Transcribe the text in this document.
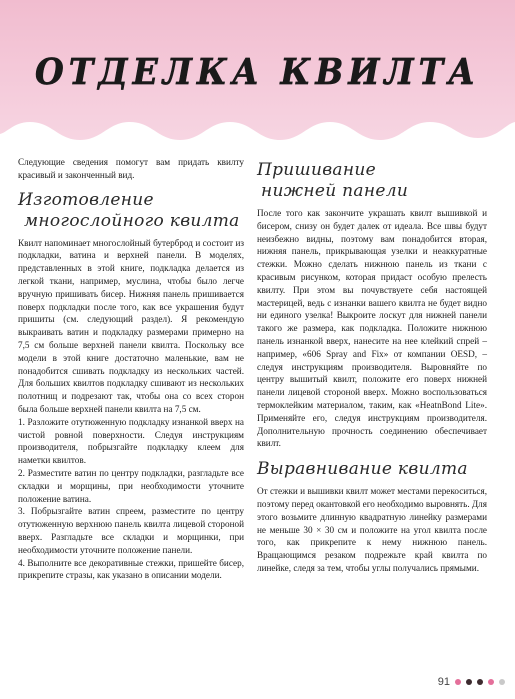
ОТДЕЛКА КВИЛТА

Следующие сведения помогут вам придать квилту красивый и законченный вид.

Изготовление

многослойного квилта

Квилт напоминает многослойный бутерброд и состоит из подкладки, ватина и верхней панели. В моделях, представленных в этой книге, подкладка делается из легкой ткани, например, муслина, чтобы было легче вручную пришивать бисер. Нижняя панель пришивается поверх подкладки после того, как все украшения будут пришиты (см. следующий раздел). Я рекомендую выкраивать ватин и подкладку размерами примерно на 7,5 см больше верхней панели квилта. Поскольку все модели в этой книге достаточно маленькие, вам не понадобится сшивать подкладку из нескольких частей. Для больших квилтов подкладку сшивают из нескольких полотнищ и подрезают так, чтобы она со всех сторон была больше верхней панели квилта на 7,5 см.

1. Разложите отутюженную подкладку изнанкой вверх на чистой ровной поверхности. Следуя инструкциям производителя, побрызгайте подкладку клеем для наметки квилтов.

2. Разместите ватин по центру подкладки, разгладьте все складки и морщины, при необходимости уточните положение ватина.

3. Побрызгайте ватин спреем, разместите по центру отутюженную верхнюю панель квилта лицевой стороной вверх. Разгладьте все складки и морщинки, при необходимости уточните положение панели.

4. Выполните все декоративные стежки, пришейте бисер, прикрепите стразы, как указано в описании модели.

Пришивание

нижней панели

После того как закончите украшать квилт вышивкой и бисером, снизу он будет далек от идеала. Все швы будут неизбежно видны, поэтому вам понадобится вторая, нижняя панель, прикрывающая узелки и неаккуратные стежки. Можно сделать нижнюю панель из ткани с красивым рисунком, которая придаст особую прелесть квилту. При этом вы почувствуете себя настоящей мастерицей, ведь с изнанки вашего квилта не будет видно ни единого узелка! Выкроите лоскут для нижней панели такого же размера, как подкладка. Положите нижнюю панель изнанкой вверх, нанесите на нее клейкий спрей – например, «606 Spray and Fix» от компании OESD, – следуя инструкциям производителя. Выровняйте по центру вышитый квилт, положите его поверх нижней панели лицевой стороной вверх. Можно воспользоваться термоклейким материалом, таким, как «HeatnBond Lite». Применяйте его, следуя инструкциям производителя. Дополнительную прочность соединению обеспечивает квилт.

Выравнивание квилта

От стежки и вышивки квилт может местами перекоситься, поэтому перед окантовкой его необходимо выровнять. Для этого возьмите длинную квадратную линейку размерами не меньше 30 × 30 см и положите на угол квилта после того, как прикрепите к нему нижнюю панель. Вращающимся резаком подрежьте край квилта по линейке, следя за тем, чтобы углы получались прямыми.

91
